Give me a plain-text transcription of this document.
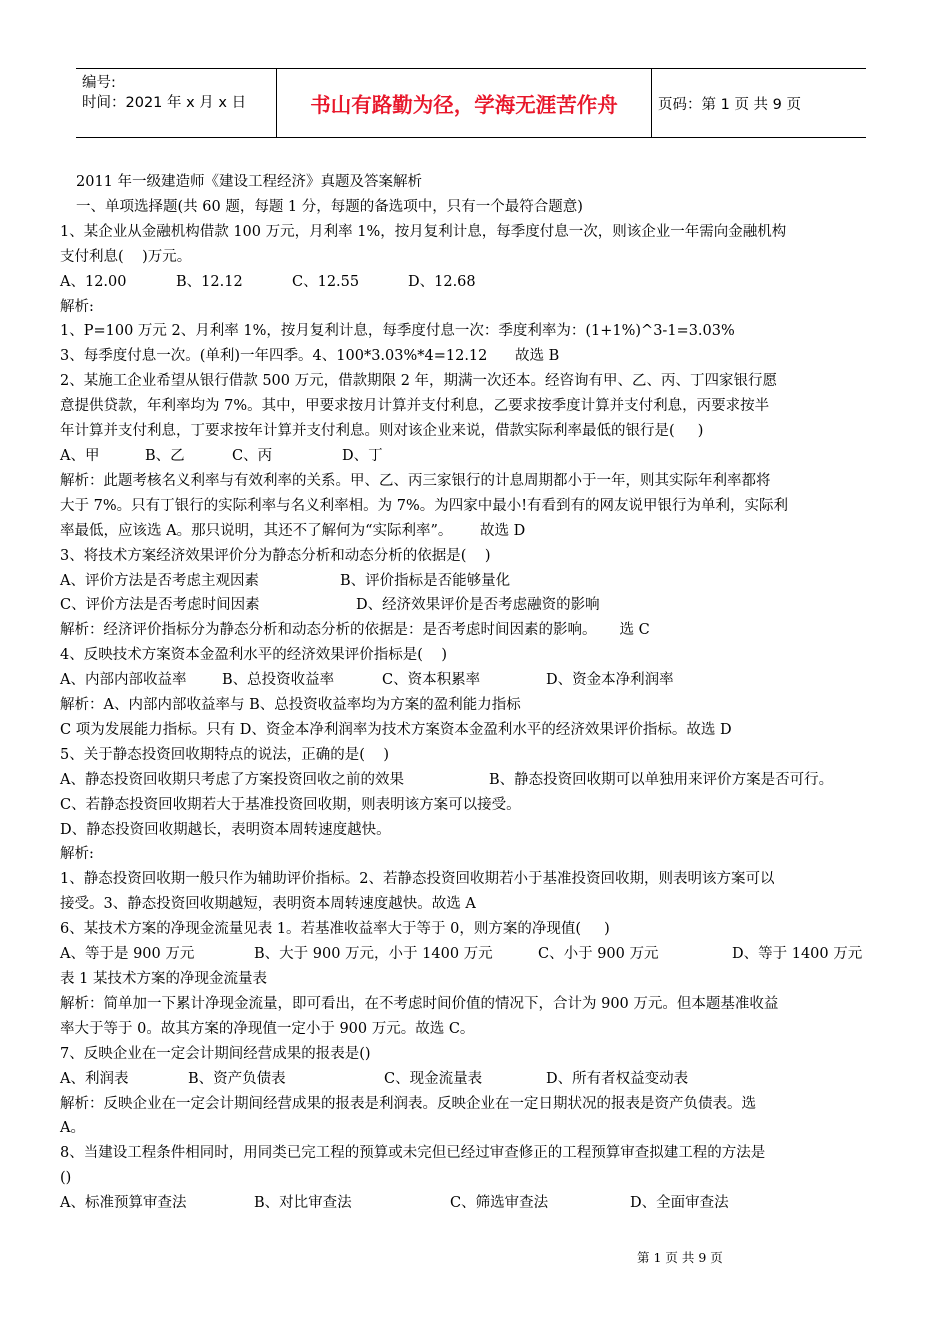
编号:
时间：2021 年 x 月 x 日	书山有路勤为径，学海无涯苦作舟	页码：第 1 页 共 9 页
2011 年一级建造师《建设工程经济》真题及答案解析
一、单项选择题(共 60 题，每题 1 分，每题的备选项中，只有一个最符合题意)
1、某企业从金融机构借款 100 万元，月利率 1%，按月复利计息，每季度付息一次，则该企业一年需向金融机构
支付利息(    )万元。
A、12.00	B、12.12	C、12.55	D、12.68
解析:
1、P=100 万元 2、月利率 1%，按月复利计息，每季度付息一次：季度利率为：(1+1%)^3-1=3.03%
3、每季度付息一次。(单利)一年四季。4、100*3.03%*4=12.12      故选 B
2、某施工企业希望从银行借款 500 万元，借款期限 2 年，期满一次还本。经咨询有甲、乙、丙、丁四家银行愿
意提供贷款，年利率均为 7%。其中，甲要求按月计算并支付利息，乙要求按季度计算并支付利息，丙要求按半
年计算并支付利息，丁要求按年计算并支付利息。则对该企业来说，借款实际利率最低的银行是(     )
A、甲	B、乙	C、丙	D、丁
解析：此题考核名义利率与有效利率的关系。甲、乙、丙三家银行的计息周期都小于一年，则其实际年利率都将
大于 7%。只有丁银行的实际利率与名义利率相。为 7%。为四家中最小!有看到有的网友说甲银行为单利，实际利
率最低，应该选 A。那只说明，其还不了解何为“实际利率”。      故选 D
3、将技术方案经济效果评价分为静态分析和动态分析的依据是(    )
A、评价方法是否考虑主观因素	B、评价指标是否能够量化
C、评价方法是否考虑时间因素	D、经济效果评价是否考虑融资的影响
解析：经济评价指标分为静态分析和动态分析的依据是：是否考虑时间因素的影响。     选 C
4、反映技术方案资本金盈利水平的经济效果评价指标是(    )
A、内部内部收益率	B、总投资收益率	C、资本积累率	D、资金本净利润率
解析：A、内部内部收益率与 B、总投资收益率均为方案的盈利能力指标
C 项为发展能力指标。只有 D、资金本净利润率为技术方案资本金盈利水平的经济效果评价指标。故选 D
5、关于静态投资回收期特点的说法，正确的是(    )
A、静态投资回收期只考虑了方案投资回收之前的效果	B、静态投资回收期可以单独用来评价方案是否可行。
C、若静态投资回收期若大于基准投资回收期，则表明该方案可以接受。
D、静态投资回收期越长，表明资本周转速度越快。
解析:
1、静态投资回收期一般只作为辅助评价指标。2、若静态投资回收期若小于基准投资回收期，则表明该方案可以
接受。3、静态投资回收期越短，表明资本周转速度越快。故选 A
6、某技术方案的净现金流量见表 1。若基准收益率大于等于 0，则方案的净现值(     )
A、等于是 900 万元	B、大于 900 万元，小于 1400 万元	C、小于 900 万元	D、等于 1400 万元
表 1 某技术方案的净现金流量表
解析：简单加一下累计净现金流量，即可看出，在不考虑时间价值的情况下，合计为 900 万元。但本题基准收益
率大于等于 0。故其方案的净现值一定小于 900 万元。故选 C。
7、反映企业在一定会计期间经营成果的报表是()
A、利润表	B、资产负债表	C、现金流量表	D、所有者权益变动表
解析：反映企业在一定会计期间经营成果的报表是利润表。反映企业在一定日期状况的报表是资产负债表。选
A。
8、当建设工程条件相同时，用同类已完工程的预算或未完但已经过审查修正的工程预算审查拟建工程的方法是
()
A、标准预算审查法	B、对比审查法	C、筛选审查法	D、全面审查法
第 1 页 共 9 页
